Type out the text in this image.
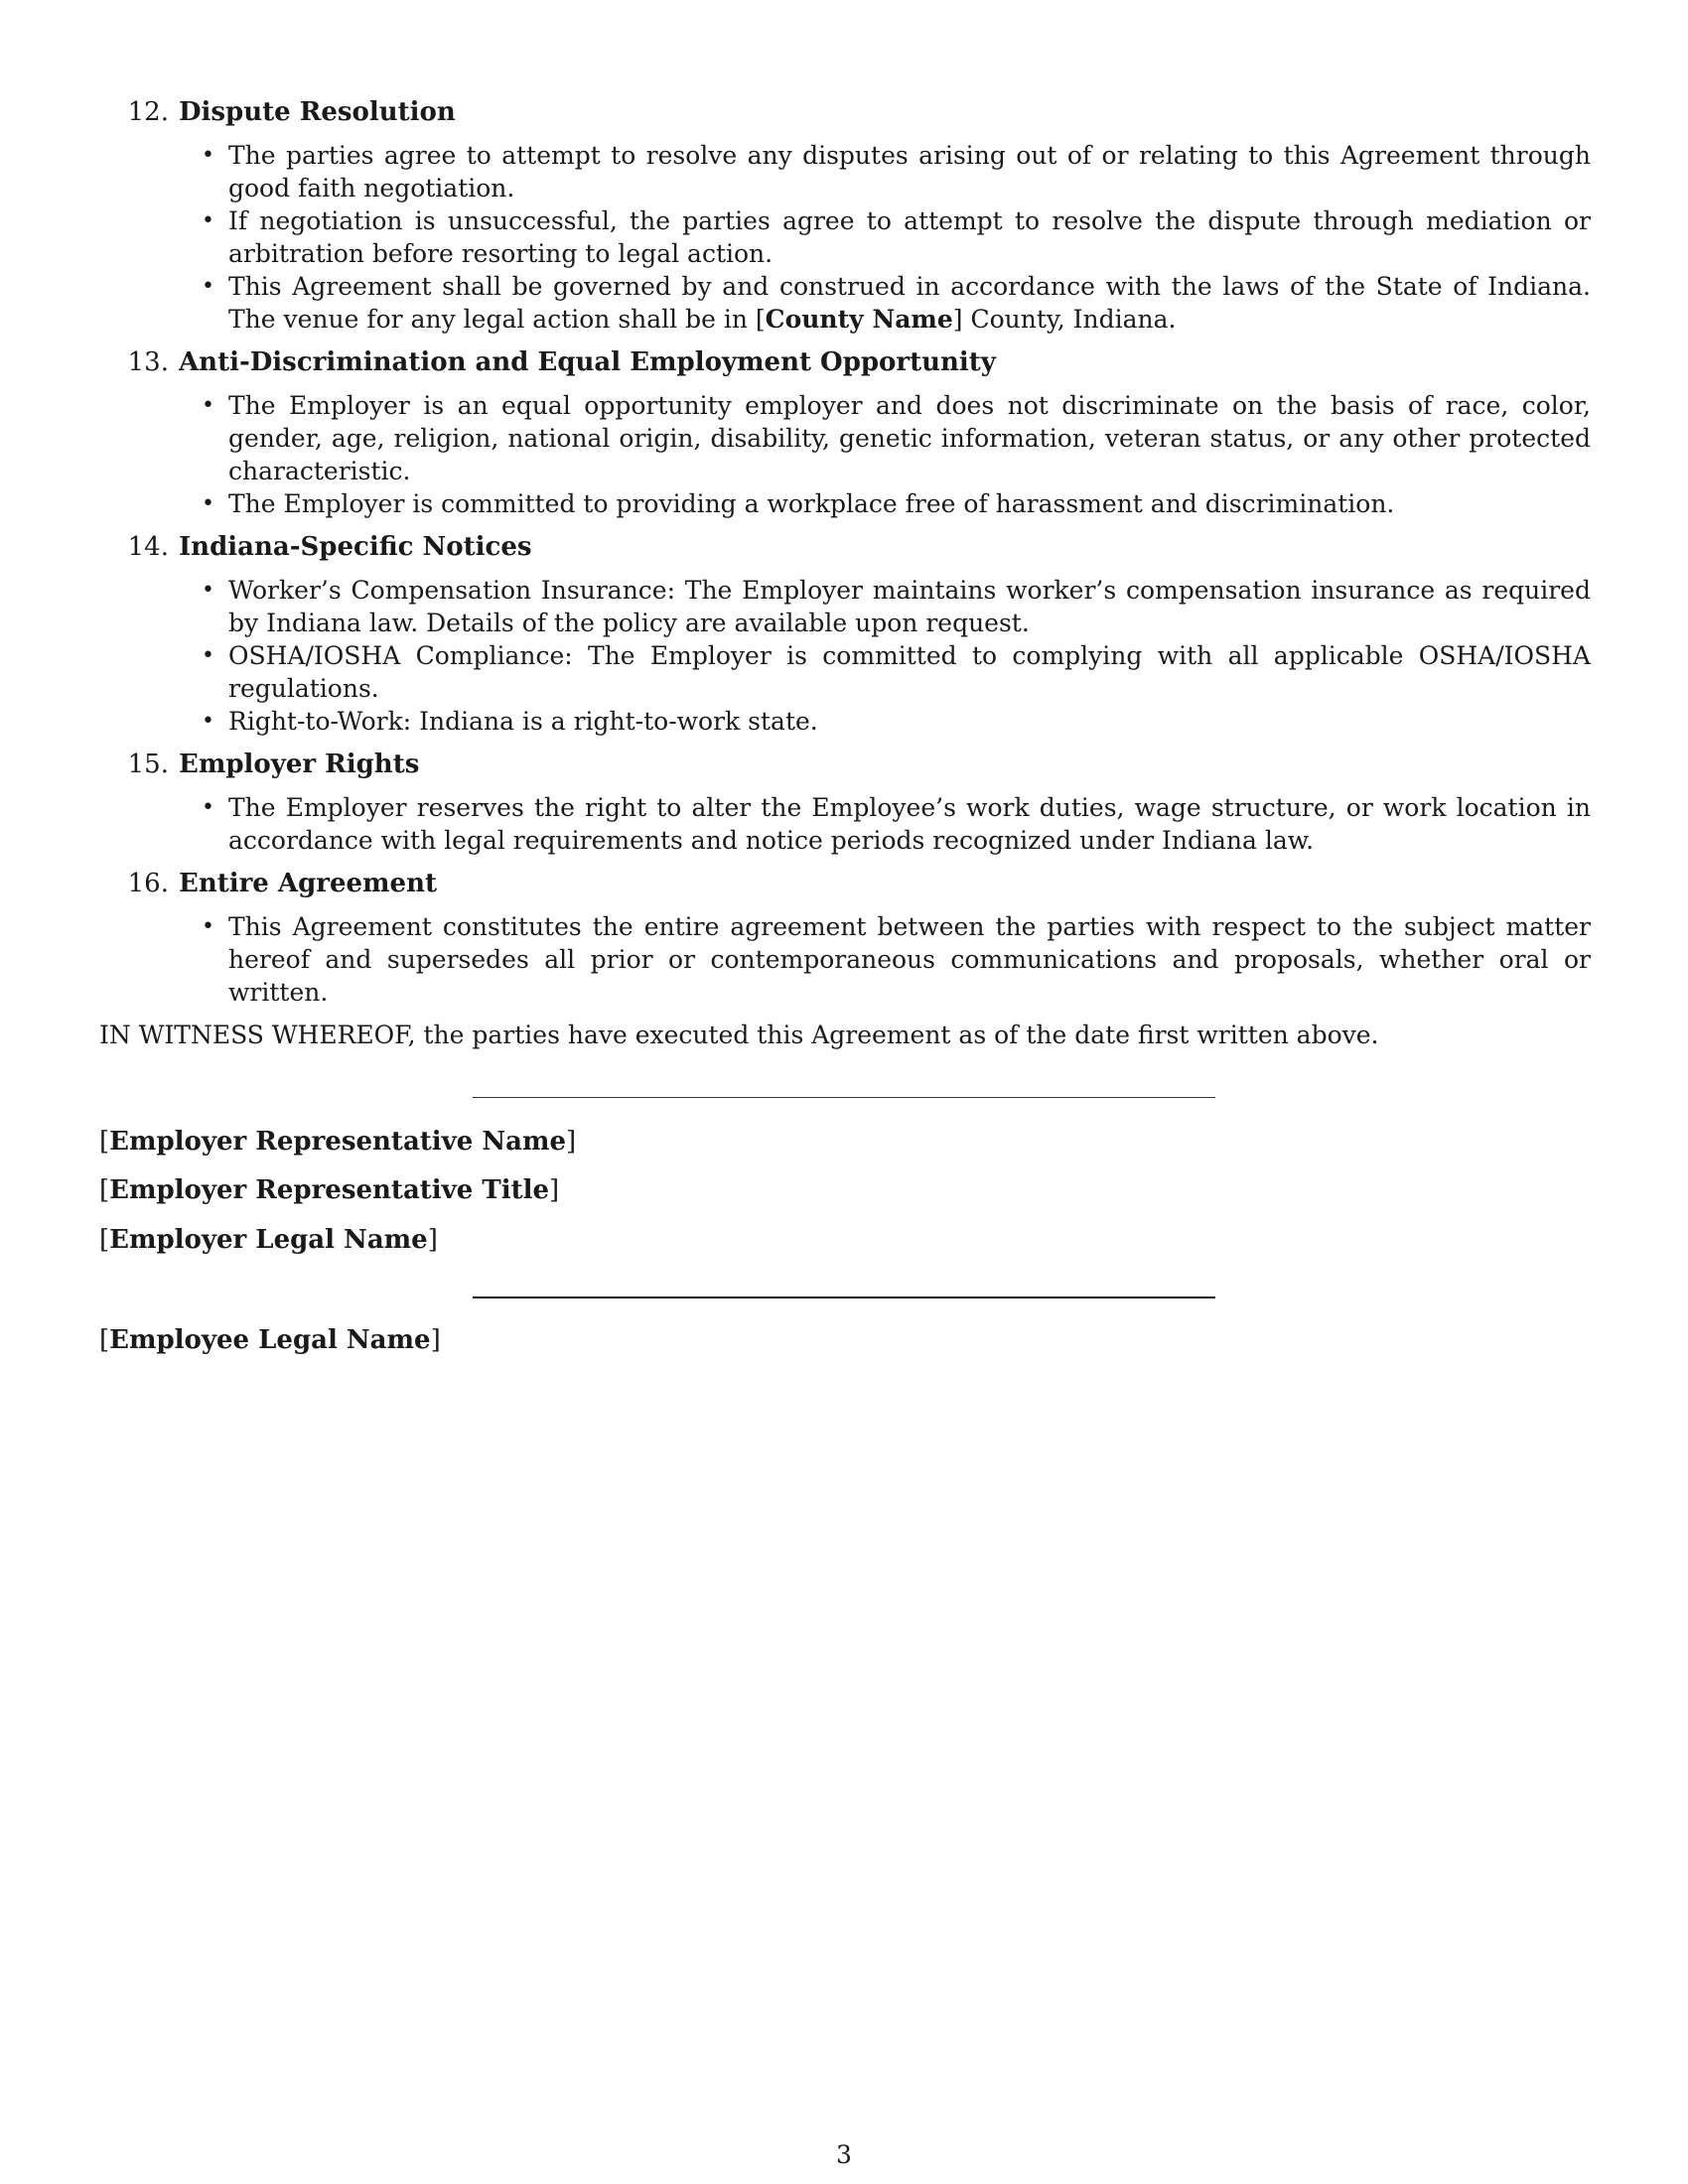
12. Dispute Resolution
• The parties agree to attempt to resolve any disputes arising out of or relating to this Agreement through good faith negotiation.
• If negotiation is unsuccessful, the parties agree to attempt to resolve the dispute through mediation or arbitration before resorting to legal action.
• This Agreement shall be governed by and construed in accordance with the laws of the State of Indiana. The venue for any legal action shall be in [County Name] County, Indiana.
13. Anti-Discrimination and Equal Employment Opportunity
• The Employer is an equal opportunity employer and does not discriminate on the basis of race, color, gender, age, religion, national origin, disability, genetic information, veteran status, or any other protected characteristic.
• The Employer is committed to providing a workplace free of harassment and discrimination.
14. Indiana-Specific Notices
• Worker’s Compensation Insurance: The Employer maintains worker’s compensation insurance as required by Indiana law. Details of the policy are available upon request.
• OSHA/IOSHA Compliance: The Employer is committed to complying with all applicable OSHA/IOSHA regulations.
• Right-to-Work: Indiana is a right-to-work state.
15. Employer Rights
• The Employer reserves the right to alter the Employee’s work duties, wage structure, or work location in accordance with legal requirements and notice periods recognized under Indiana law.
16. Entire Agreement
• This Agreement constitutes the entire agreement between the parties with respect to the subject matter hereof and supersedes all prior or contemporaneous communications and proposals, whether oral or written.
IN WITNESS WHEREOF, the parties have executed this Agreement as of the date first written above.
[Employer Representative Name]
[Employer Representative Title]
[Employer Legal Name]
[Employee Legal Name]
3
